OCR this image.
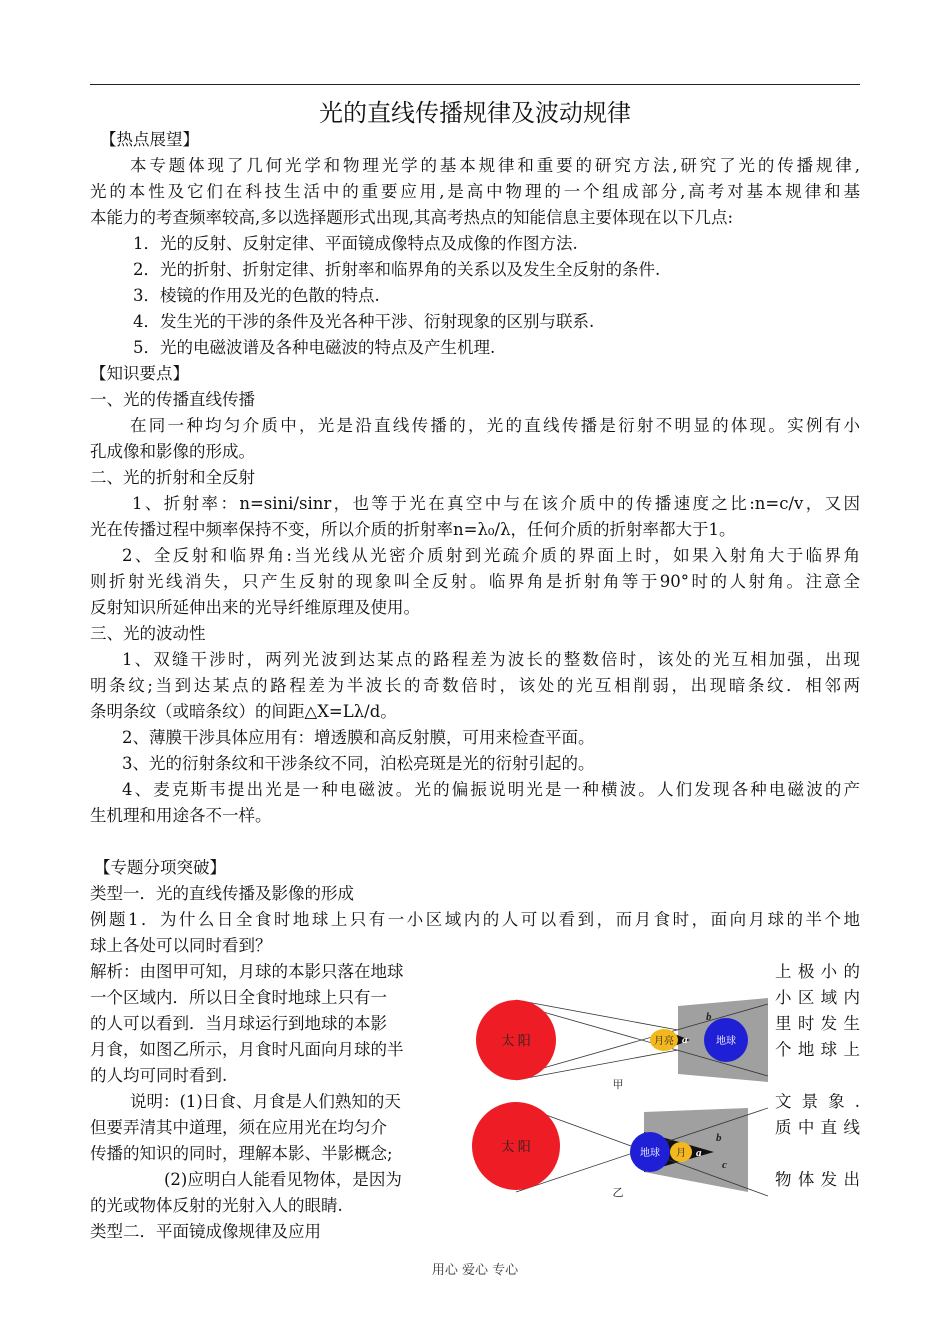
光的直线传播规律及波动规律
【热点展望】
本专题体现了几何光学和物理光学的基本规律和重要的研究方法,研究了光的传播规律,
光的本性及它们在科技生活中的重要应用,是高中物理的一个组成部分,高考对基本规律和基
本能力的考查频率较高,多以选择题形式出现,其高考热点的知能信息主要体现在以下几点:
1．光的反射、反射定律、平面镜成像特点及成像的作图方法.
2．光的折射、折射定律、折射率和临界角的关系以及发生全反射的条件.
3．棱镜的作用及光的色散的特点.
4．发生光的干涉的条件及光各种干涉、衍射现象的区别与联系.
5．光的电磁波谱及各种电磁波的特点及产生机理.
【知识要点】
一、光的传播直线传播
在同一种均匀介质中，光是沿直线传播的，光的直线传播是衍射不明显的体现。实例有小
孔成像和影像的形成。
二、光的折射和全反射
1、折射率：n=sini/sinr，也等于光在真空中与在该介质中的传播速度之比:n=c/v，又因
光在传播过程中频率保持不变，所以介质的折射率n=λ₀/λ，任何介质的折射率都大于1。
2、全反射和临界角:当光线从光密介质射到光疏介质的界面上时，如果入射角大于临界角
则折射光线消失，只产生反射的现象叫全反射。临界角是折射角等于90°时的人射角。注意全
反射知识所延伸出来的光导纤维原理及使用。
三、光的波动性
1、双缝干涉时，两列光波到达某点的路程差为波长的整数倍时，该处的光互相加强，出现
明条纹;当到达某点的路程差为半波长的奇数倍时，该处的光互相削弱，出现暗条纹．相邻两
条明条纹（或暗条纹）的间距△X=Lλ/d。
2、薄膜干涉具体应用有：增透膜和高反射膜，可用来检查平面。
3、光的衍射条纹和干涉条纹不同，泊松亮斑是光的衍射引起的。
4、麦克斯韦提出光是一种电磁波。光的偏振说明光是一种横波。人们发现各种电磁波的产
生机理和用途各不一样。
【专题分项突破】
类型一．光的直线传播及影像的形成
例题1．为什么日全食时地球上只有一小区域内的人可以看到，而月食时，面向月球的半个地
球上各处可以同时看到？
解析：由图甲可知，月球的本影只落在地球
一个区域内．所以日全食时地球上只有一
的人可以看到．当月球运行到地球的本影
月食，如图乙所示，月食时凡面向月球的半
的人均可同时看到.
上极小的
小区域内
里时发生
个地球上
说明：(1)日食、月食是人们熟知的天
但要弄清其中道理，须在应用光在均匀介
传播的知识的同时，理解本影、半影概念;
(2)应明白人能看见物体，是因为
的光或物体反射的光射入人的眼睛.
文景象.
质中直线
物体发出
类型二．平面镜成像规律及应用
太 阳	月亮	地球
b
a
甲
太 阳	地球 月
b
a
c
乙
用心 爱心 专心
